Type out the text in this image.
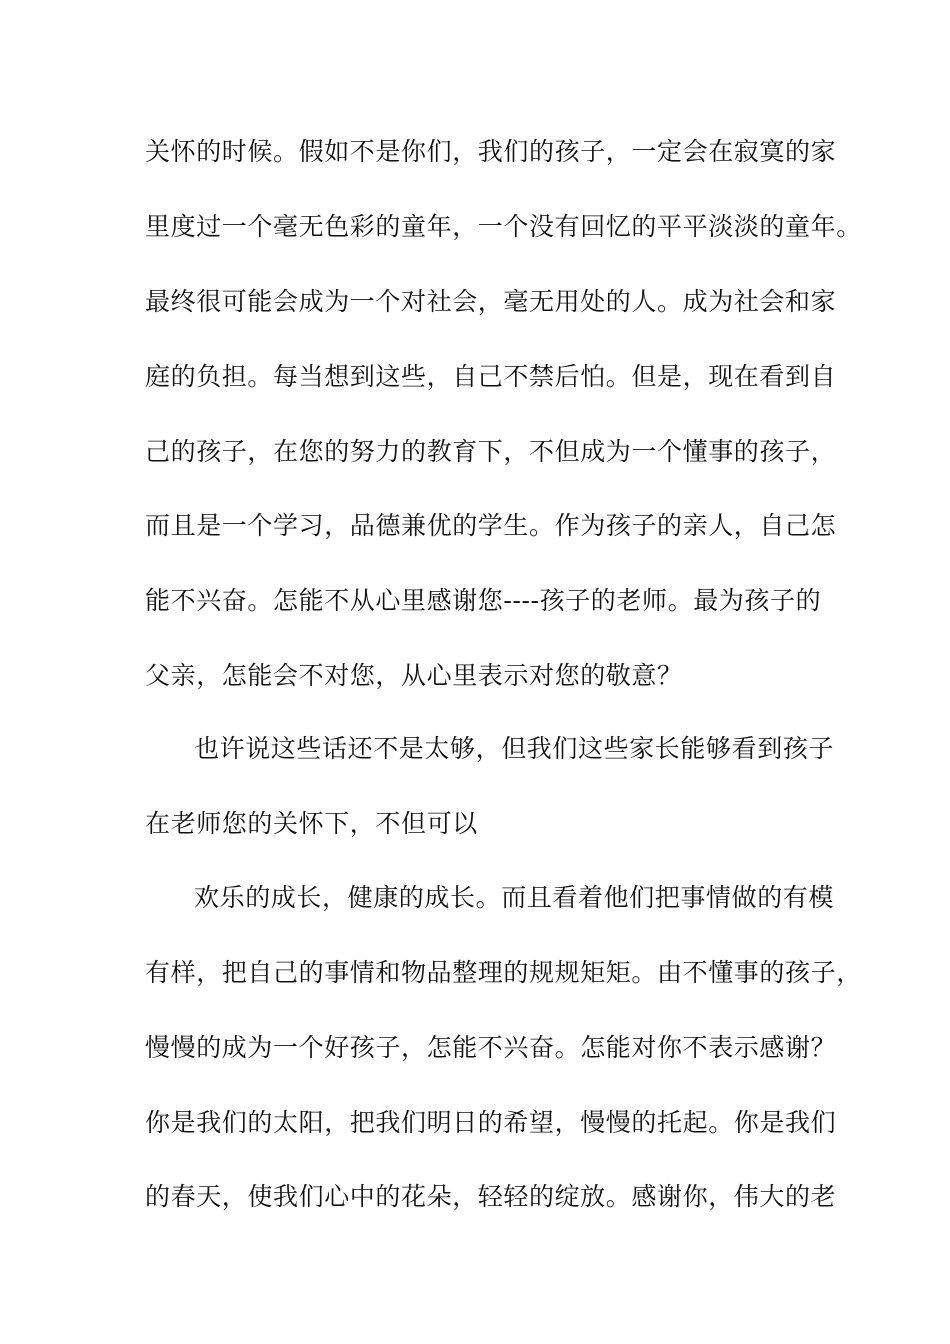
关怀的时候。假如不是你们，我们的孩子，一定会在寂寞的家
里度过一个毫无色彩的童年，一个没有回忆的平平淡淡的童年。
最终很可能会成为一个对社会，毫无用处的人。成为社会和家
庭的负担。每当想到这些，自己不禁后怕。但是，现在看到自
己的孩子，在您的努力的教育下，不但成为一个懂事的孩子，
而且是一个学习，品德兼优的学生。作为孩子的亲人，自己怎
能不兴奋。怎能不从心里感谢您----孩子的老师。最为孩子的
父亲，怎能会不对您，从心里表示对您的敬意？
也许说这些话还不是太够，但我们这些家长能够看到孩子
在老师您的关怀下，不但可以
欢乐的成长，健康的成长。而且看着他们把事情做的有模
有样，把自己的事情和物品整理的规规矩矩。由不懂事的孩子，
慢慢的成为一个好孩子，怎能不兴奋。怎能对你不表示感谢？
你是我们的太阳，把我们明日的希望，慢慢的托起。你是我们
的春天，使我们心中的花朵，轻轻的绽放。感谢你，伟大的老
